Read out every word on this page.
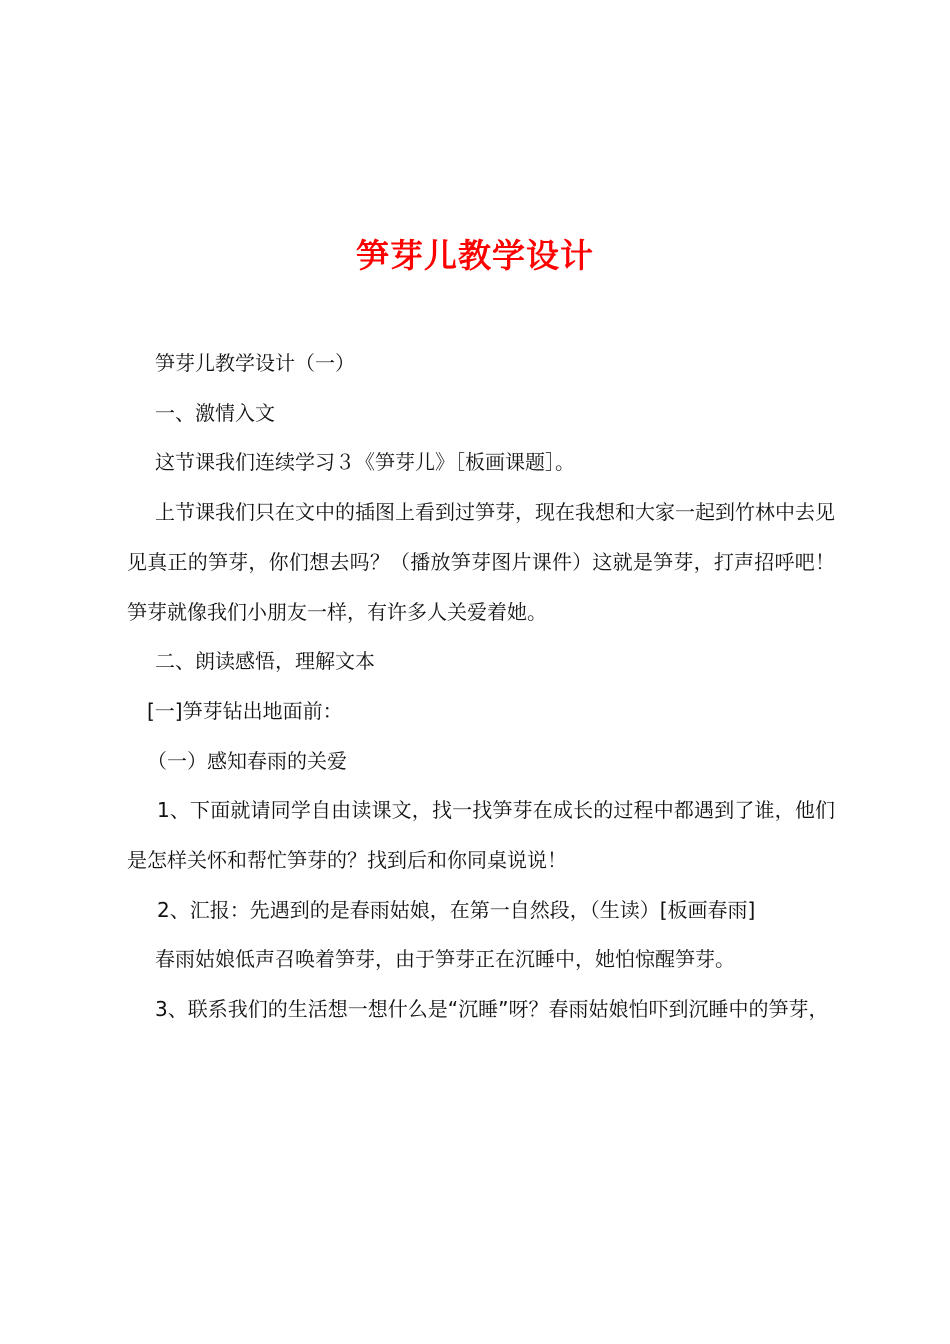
笋芽儿教学设计

笋芽儿教学设计（一）

一、激情入文

这节课我们连续学习３《笋芽儿》［板画课题］。

上节课我们只在文中的插图上看到过笋芽，现在我想和大家一起到竹林中去见见真正的笋芽，你们想去吗？（播放笋芽图片课件）这就是笋芽，打声招呼吧！笋芽就像我们小朋友一样，有许多人关爱着她。

二、朗读感悟，理解文本

[一]笋芽钻出地面前：

（一）感知春雨的关爱

1、下面就请同学自由读课文，找一找笋芽在成长的过程中都遇到了谁，他们是怎样关怀和帮忙笋芽的？找到后和你同桌说说！

2、汇报：先遇到的是春雨姑娘，在第一自然段，（生读）[板画春雨]

春雨姑娘低声召唤着笋芽，由于笋芽正在沉睡中，她怕惊醒笋芽。

3、联系我们的生活想一想什么是“沉睡”呀？春雨姑娘怕吓到沉睡中的笋芽，
